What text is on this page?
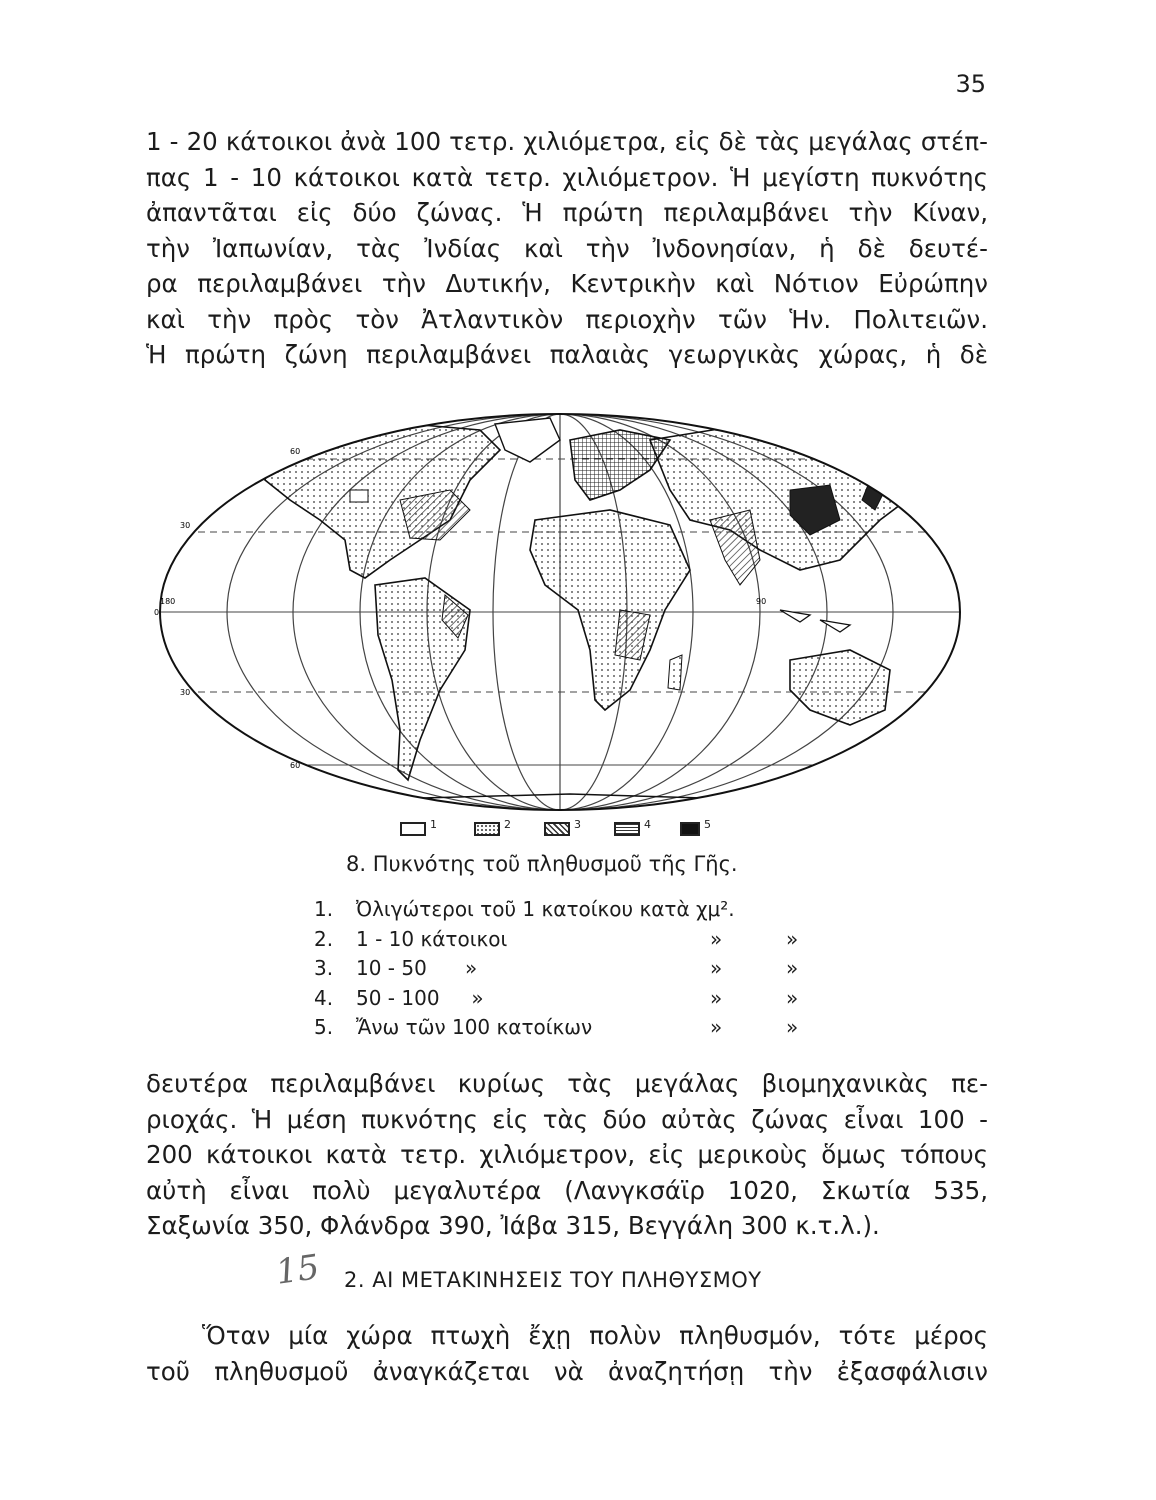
35
1 - 20 κάτοικοι ἀνὰ 100 τετρ. χιλιόμετρα, εἰς δὲ τὰς μεγάλας στέπ-
πας 1 - 10 κάτοικοι κατὰ τετρ. χιλιόμετρον. Ἡ μεγίστη πυκνότης
ἀπαντᾶται εἰς δύο ζώνας. Ἡ πρώτη περιλαμβάνει τὴν Κίναν,
τὴν Ἰαπωνίαν, τὰς Ἰνδίας καὶ τὴν Ἰνδονησίαν, ἡ δὲ δευτέ-
ρα περιλαμβάνει τὴν Δυτικήν, Κεντρικὴν καὶ Νότιον Εὐρώπην
καὶ τὴν πρὸς τὸν Ἀτλαντικὸν περιοχὴν τῶν Ἡν. Πολιτειῶν.
Ἡ πρώτη ζώνη περιλαμβάνει παλαιὰς γεωργικὰς χώρας, ἡ δὲ
60
30
0
30
60
180	90
1	2	3	4	5
8. Πυκνότης τοῦ πληθυσμοῦ τῆς Γῆς.
1. Ὀλιγώτεροι τοῦ 1 κατοίκου κατὰ χμ².
2. 1 - 10 κάτοικοι	»	»
3. 10 - 50      »	»	»
4. 50 - 100     »	»	»
5. Ἄνω τῶν 100 κατοίκων	»	»
δευτέρα περιλαμβάνει κυρίως τὰς μεγάλας βιομηχανικὰς πε-
ριοχάς. Ἡ μέση πυκνότης εἰς τὰς δύο αὐτὰς ζώνας εἶναι 100 -
200 κάτοικοι κατὰ τετρ. χιλιόμετρον, εἰς μερικοὺς ὅμως τόπους
αὐτὴ εἶναι πολὺ μεγαλυτέρα (Λανγκσάϊρ 1020, Σκωτία 535,
Σαξωνία 350, Φλάνδρα 390, Ἰάβα 315, Βεγγάλη 300 κ.τ.λ.).
15 2. ΑΙ ΜΕΤΑΚΙΝΗΣΕΙΣ ΤΟΥ ΠΛΗΘΥΣΜΟΥ
Ὅταν μία χώρα πτωχὴ ἔχῃ πολὺν πληθυσμόν, τότε μέρος
τοῦ πληθυσμοῦ ἀναγκάζεται νὰ ἀναζητήσῃ τὴν ἐξασφάλισιν
